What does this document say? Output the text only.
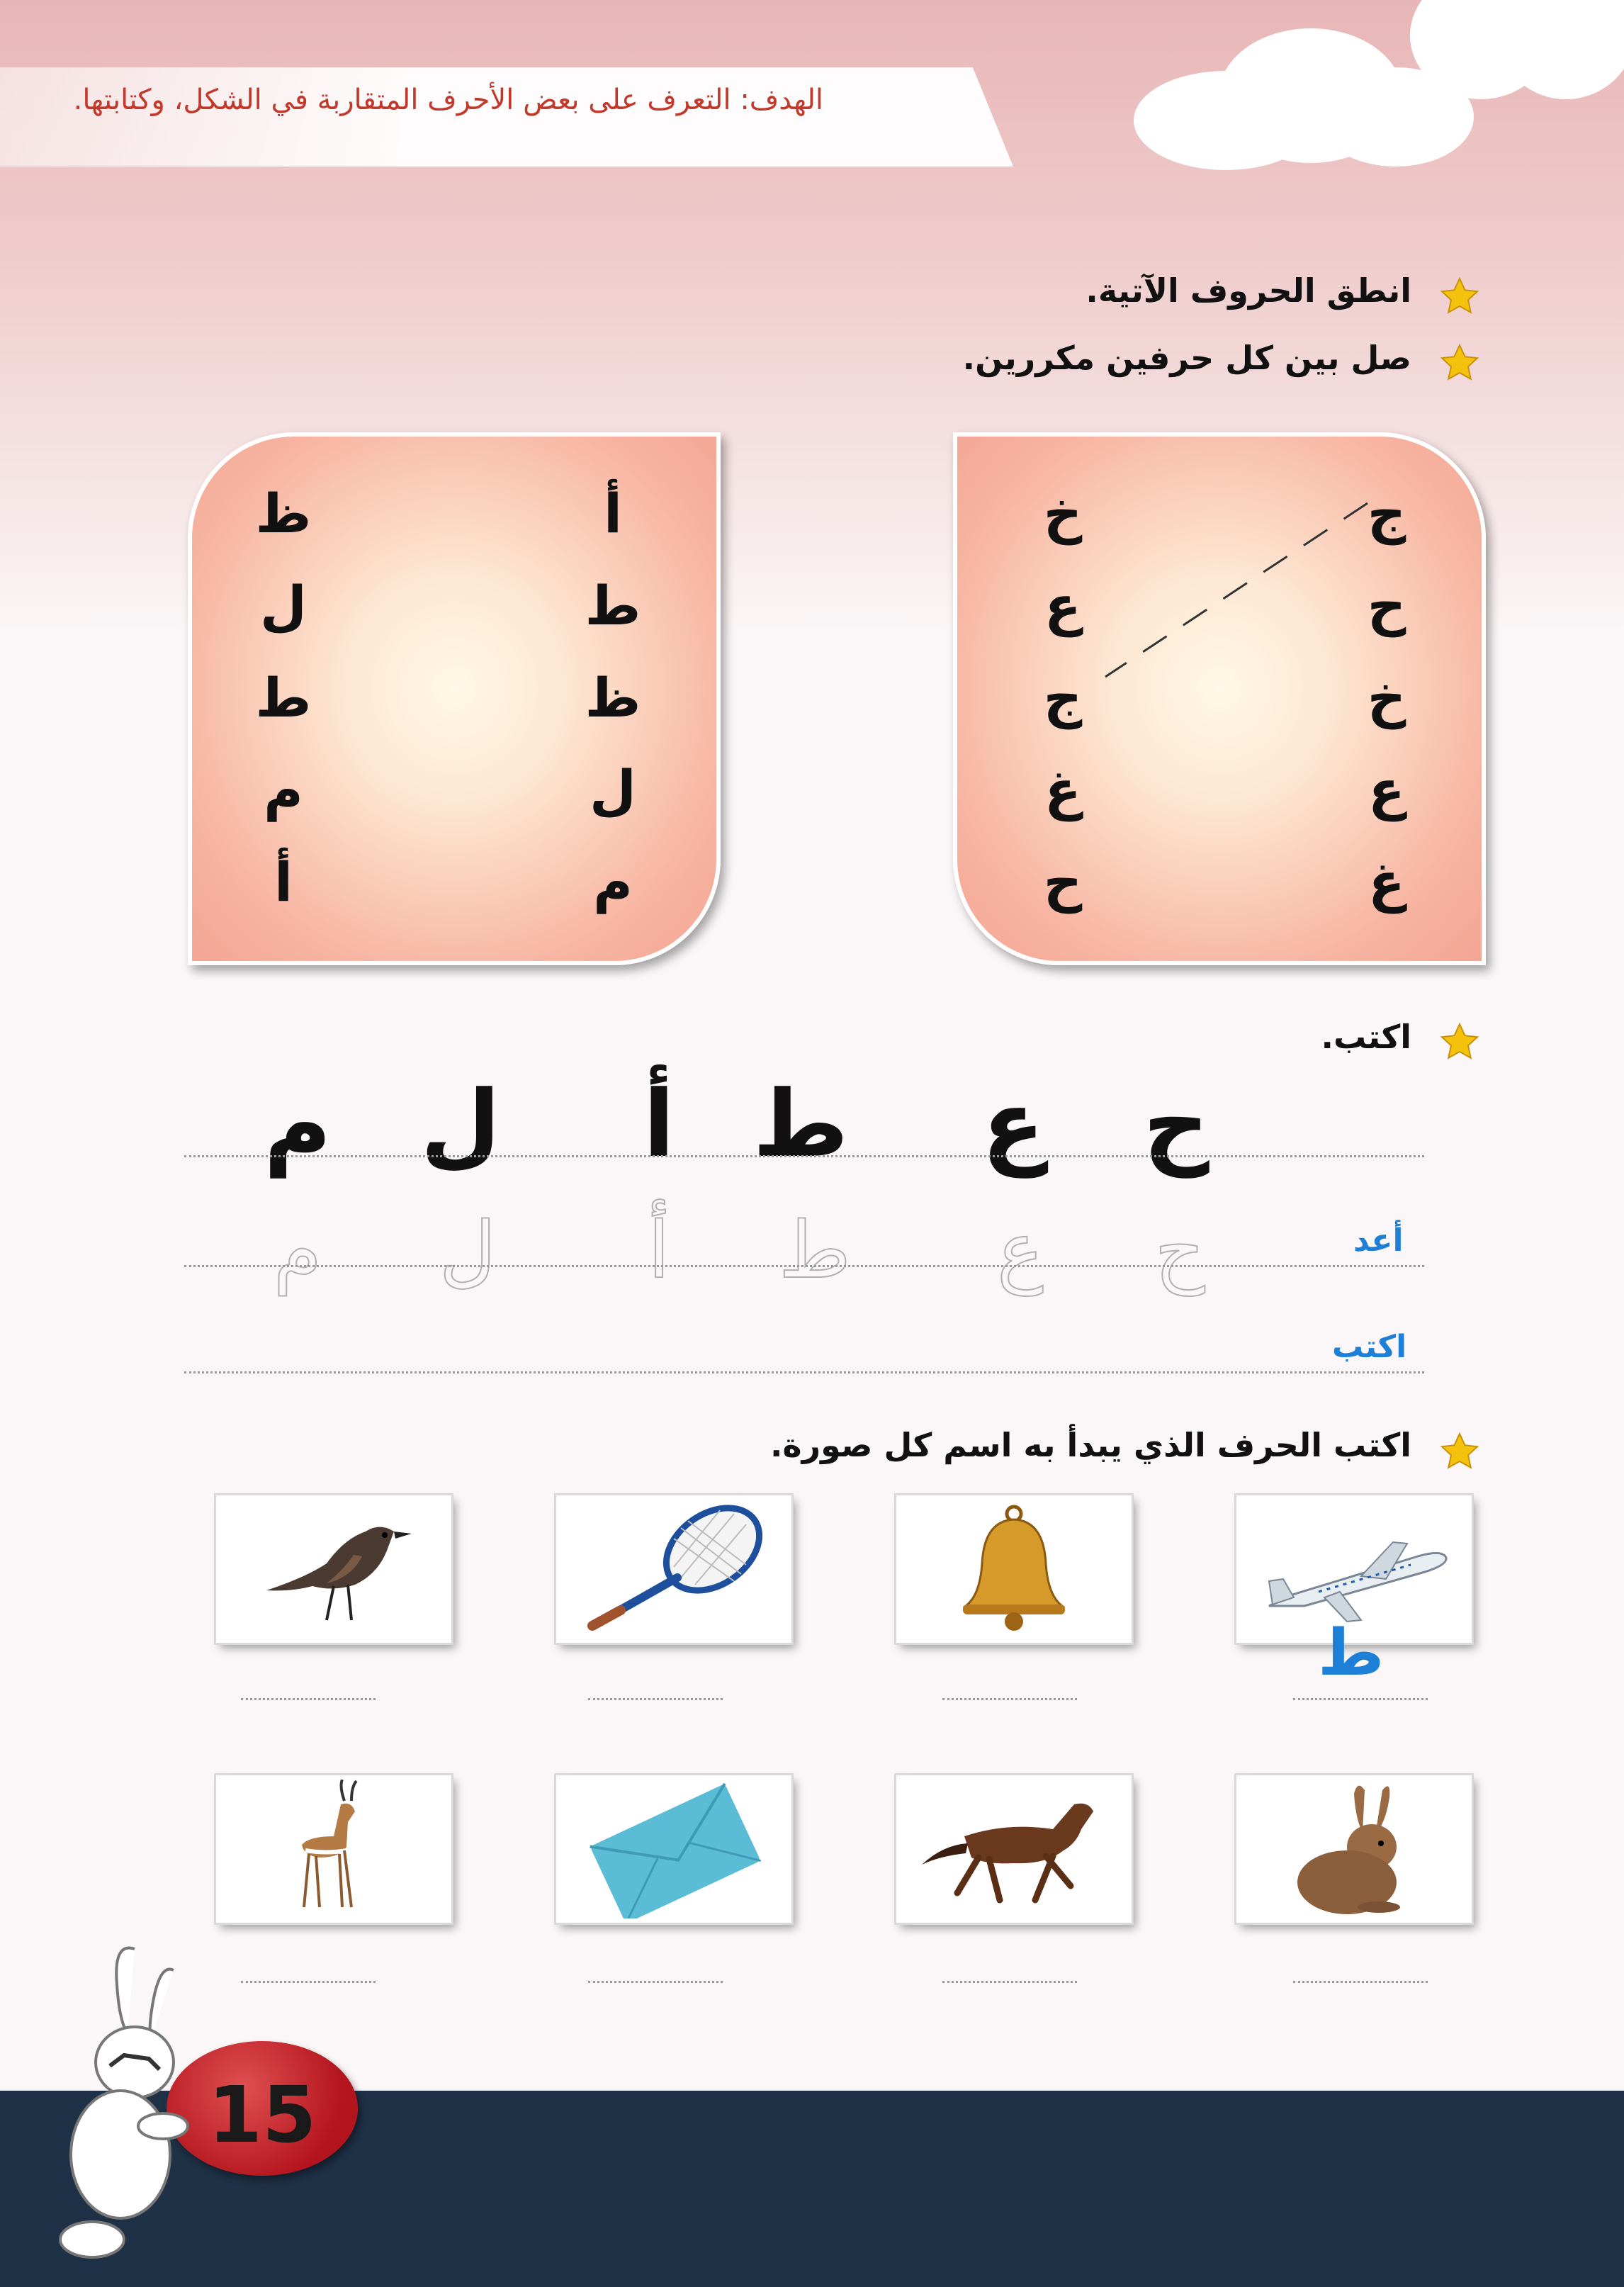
الهدف: التعرف على بعض الأحرف المتقاربة في الشكل، وكتابتها.
انطق الحروف الآتية.
صل بين كل حرفين مكررين.
ج
ح
خ
ع
غ
خ
ع
ج
غ
ح
أ
ط
ظ
ل
م
ظ
ل
ط
م
أ
اكتب.
ح
ع
ط
أ
ل
م
ح
ع
ط
أ
ل
م	أعد
اكتب
اكتب الحرف الذي يبدأ به اسم كل صورة.
ط
15
